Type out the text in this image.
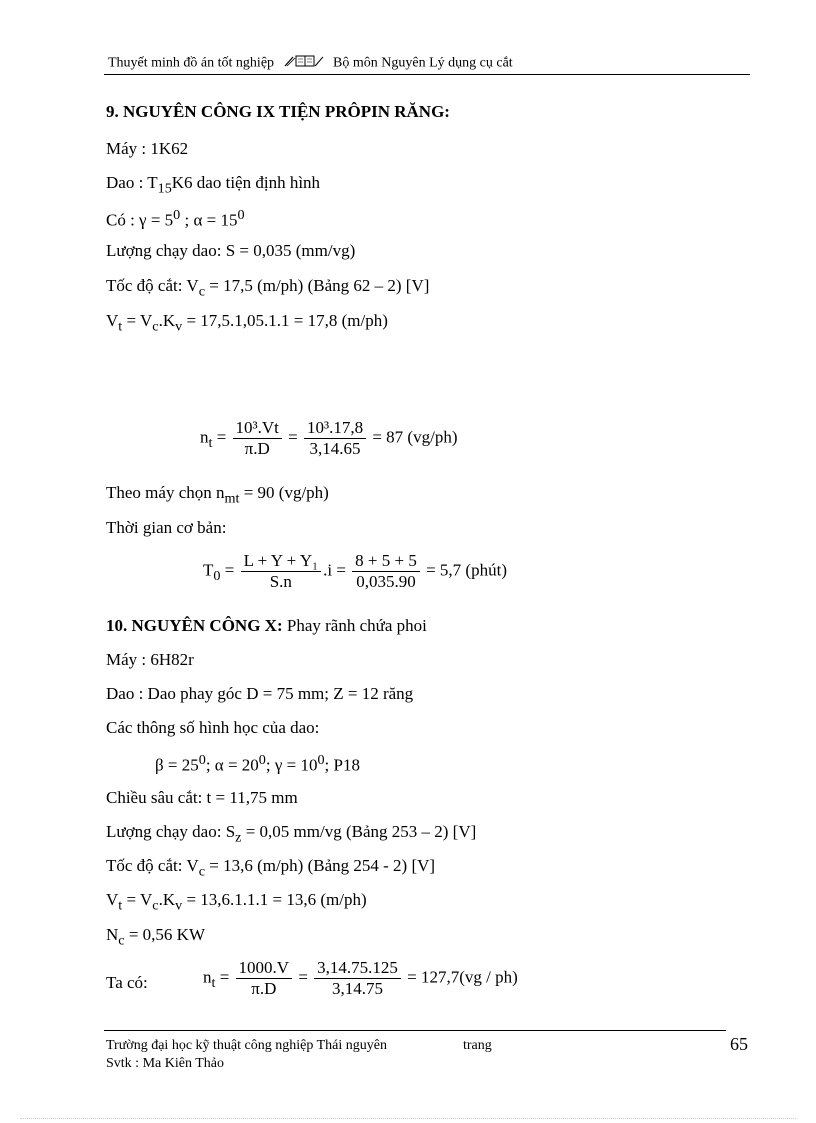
Thuyết minh đồ án tốt nghiệp	Bộ môn Nguyên Lý dụng cụ cắt
9. NGUYÊN CÔNG IX TIỆN PRÔPIN RĂNG:
Máy : 1K62
Dao : $T_{15}K6$ dao tiện định hình
Có : $\gamma = 5^0$ ; $\alpha = 15^0$
Lượng chạy dao: S = 0,035 (mm/vg)
Tốc độ cắt: $V_c = 17,5$ (m/ph) (Bảng 62 – 2) [V]
$V_t = V_c.K_v = 17,5.1,05.1.1 = 17,8$ (m/ph)
$n_t = \frac{\text{10³.Vt}}{\pi.D} = \frac{\text{10³.17,8}}{3,14.65} = 87$ (vg/ph)
Theo máy chọn $n_{mt} = 90$ (vg/ph)
Thời gian cơ bản:
$T_0 = \frac{\text{L + Y + Y₁}}{S.n} .i = \frac{8 + 5 + 5}{0,035.90} = 5,7$ (phút)
10. NGUYÊN CÔNG X: Phay rãnh chứa phoi
Máy : 6H82r
Dao : Dao phay góc D = 75 mm; Z = 12 răng
Các thông số hình học của dao:
$\beta = 25^0$; $\alpha = 20^0$; $\gamma = 10^0$; P18
Chiều sâu cắt: t = 11,75 mm
Lượng chạy dao: $S_z = 0,05$ mm/vg (Bảng 253 – 2) [V]
Tốc độ cắt: $V_c = 13,6$ (m/ph) (Bảng 254 - 2) [V]
$V_t = V_c.K_v = 13,6.1.1.1 = 13,6$ (m/ph)
$N_c = 0,56$ KW
Ta có:	$n_t = \frac{1000.V}{\pi.D} = \frac{3,14.75.125}{3,14.75} = 127,7(vg / ph)$
Trường đại học kỹ thuật công nghiệp Thái nguyên	trang
Svtk : Ma Kiên Thảo
65
